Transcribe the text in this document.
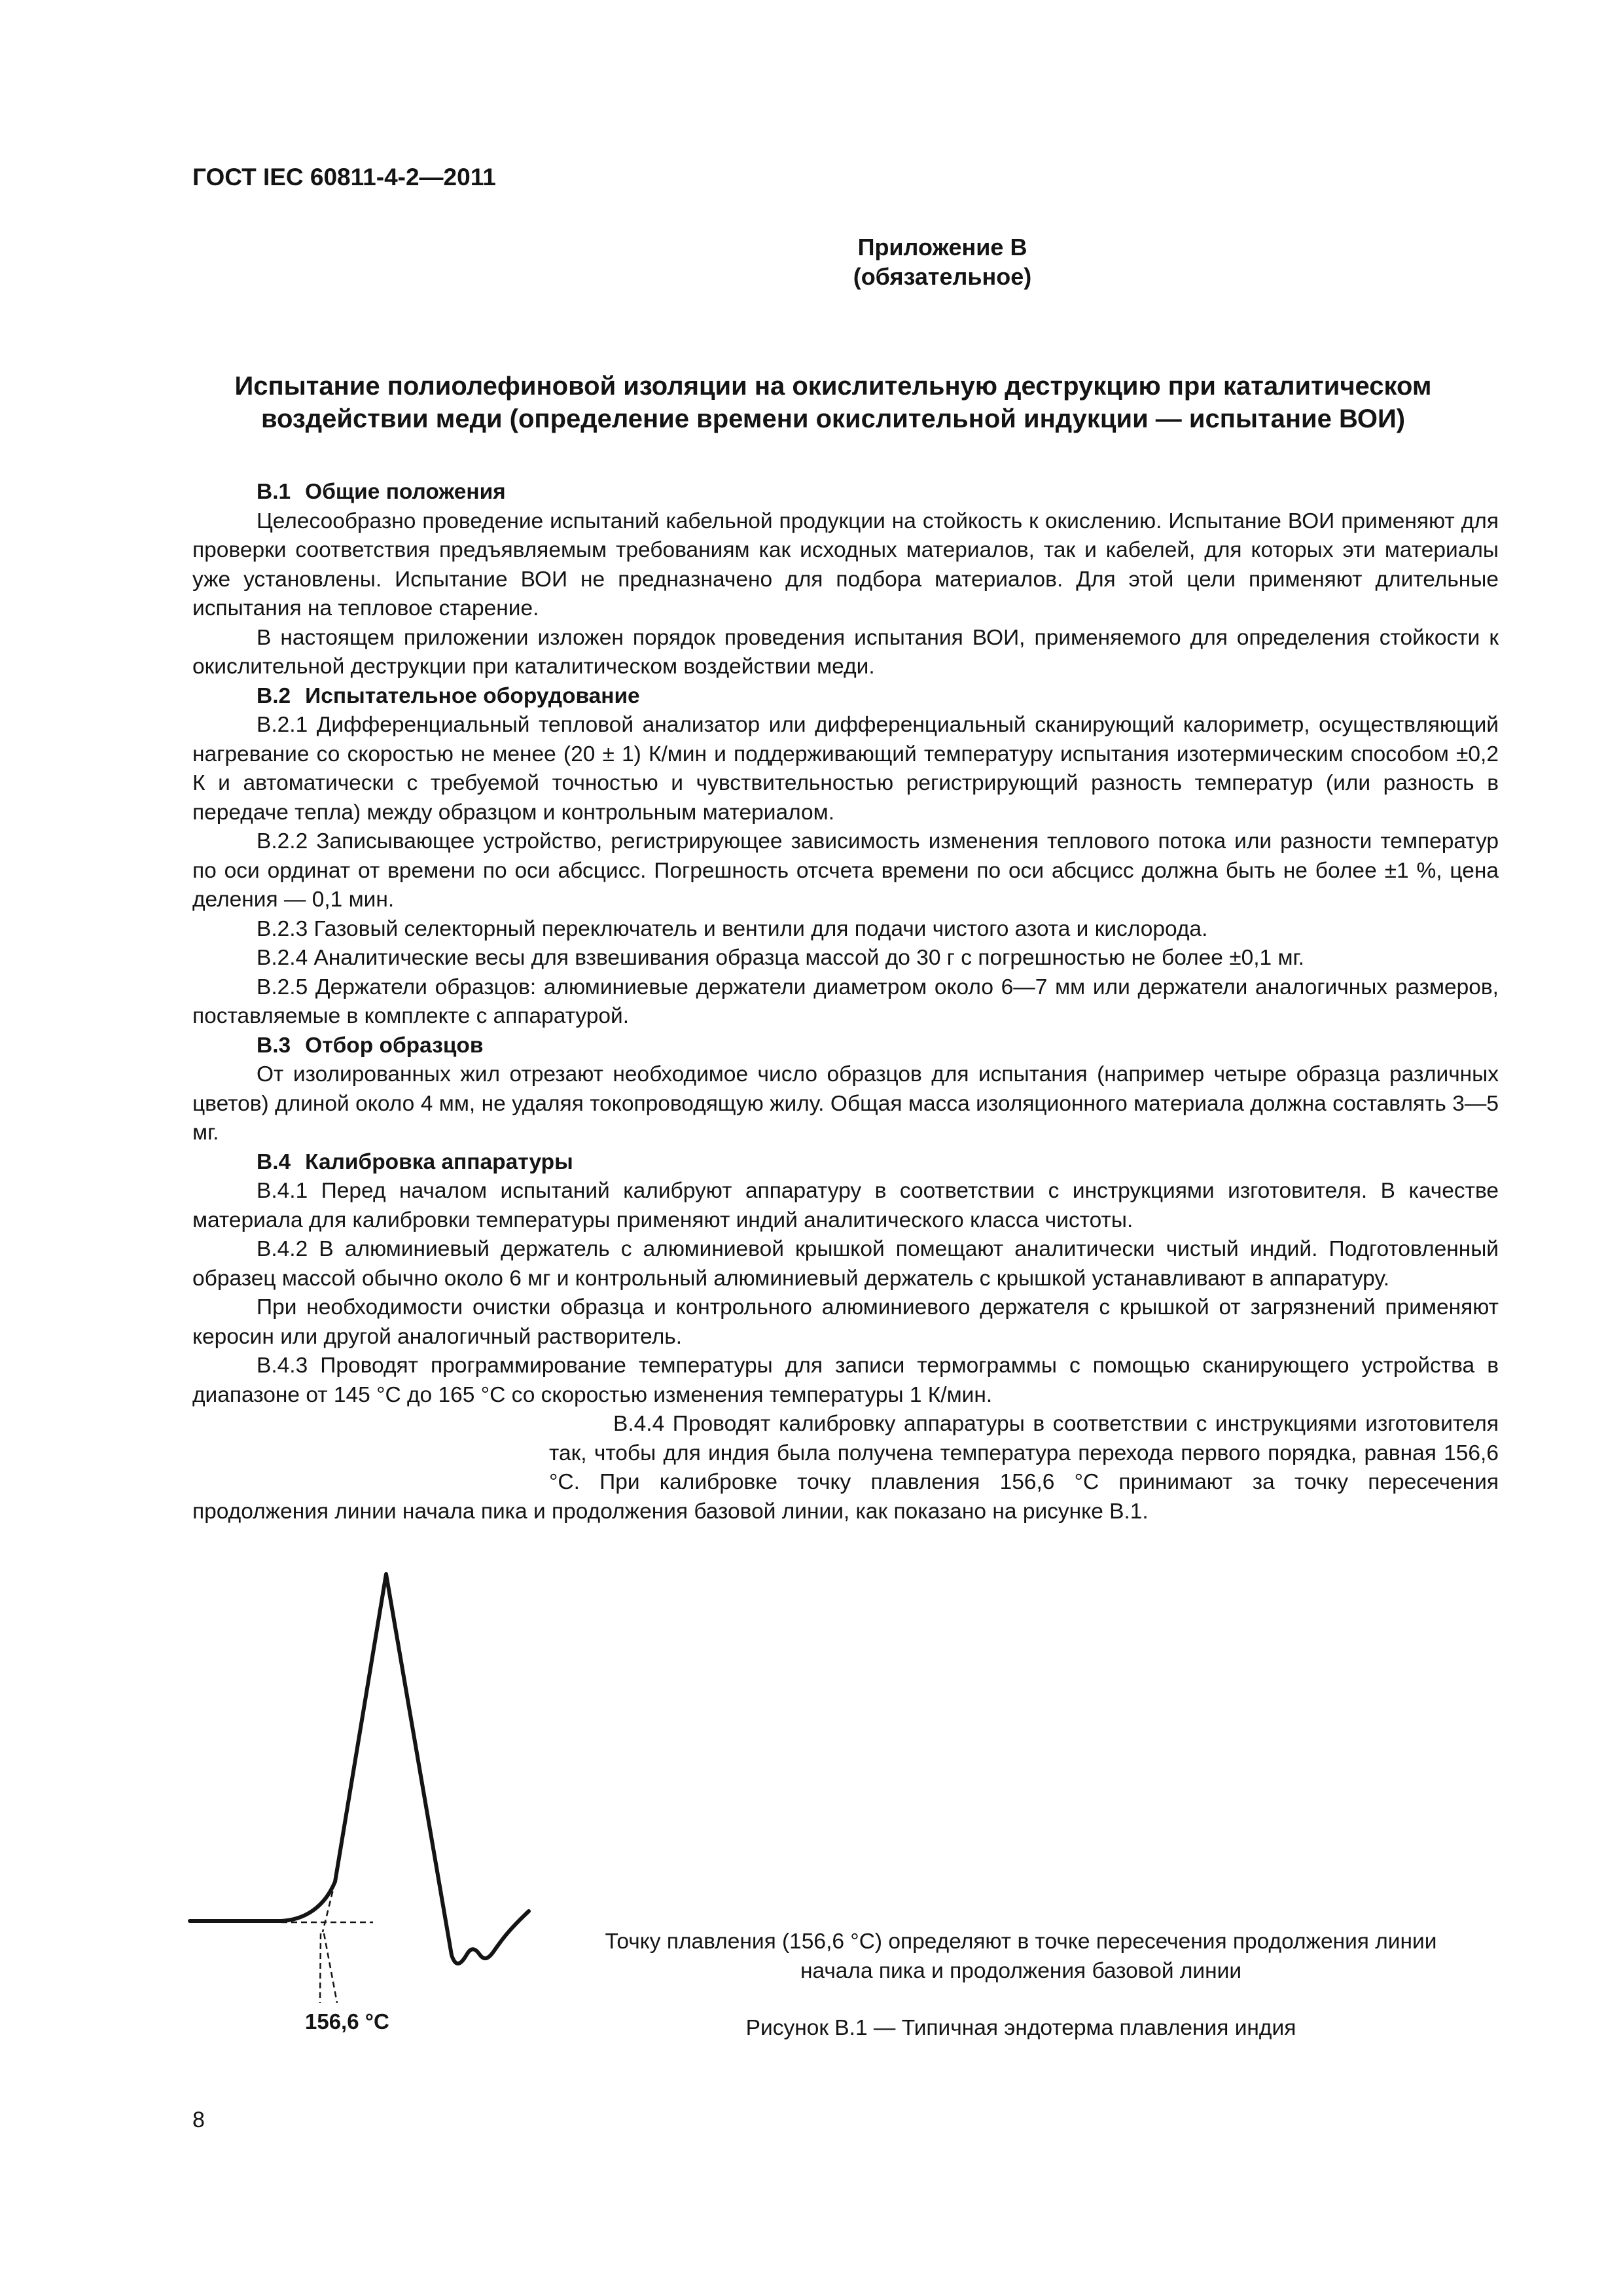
ГОСТ IEC 60811-4-2—2011
Приложение В
(обязательное)
Испытание полиолефиновой изоляции на окислительную деструкцию при каталитическом
воздействии меди (определение времени окислительной индукции — испытание ВОИ)

В.1 Общие положения

Целесообразно проведение испытаний кабельной продукции на стойкость к окислению. Испытание ВОИ применяют для проверки соответствия предъявляемым требованиям как исходных материалов, так и кабелей, для которых эти материалы уже установлены. Испытание ВОИ не предназначено для подбора материалов. Для этой цели применяют длительные испытания на тепловое старение.

В настоящем приложении изложен порядок проведения испытания ВОИ, применяемого для определения стойкости к окислительной деструкции при каталитическом воздействии меди.

В.2 Испытательное оборудование

В.2.1 Дифференциальный тепловой анализатор или дифференциальный сканирующий калориметр, осуществляющий нагревание со скоростью не менее (20 ± 1) К/мин и поддерживающий температуру испытания изотермическим способом ±0,2 К и автоматически с требуемой точностью и чувствительностью регистрирующий разность температур (или разность в передаче тепла) между образцом и контрольным материалом.

В.2.2 Записывающее устройство, регистрирующее зависимость изменения теплового потока или разности температур по оси ординат от времени по оси абсцисс. Погрешность отсчета времени по оси абсцисс должна быть не более ±1 %, цена деления — 0,1 мин.

В.2.3 Газовый селекторный переключатель и вентили для подачи чистого азота и кислорода.

В.2.4 Аналитические весы для взвешивания образца массой до 30 г с погрешностью не более ±0,1 мг.

В.2.5 Держатели образцов: алюминиевые держатели диаметром около 6—7 мм или держатели аналогичных размеров, поставляемые в комплекте с аппаратурой.

В.3 Отбор образцов

От изолированных жил отрезают необходимое число образцов для испытания (например четыре образца различных цветов) длиной около 4 мм, не удаляя токопроводящую жилу. Общая масса изоляционного материала должна составлять 3—5 мг.

В.4 Калибровка аппаратуры

В.4.1 Перед началом испытаний калибруют аппаратуру в соответствии с инструкциями изготовителя. В качестве материала для калибровки температуры применяют индий аналитического класса чистоты.

В.4.2 В алюминиевый держатель с алюминиевой крышкой помещают аналитически чистый индий. Подготовленный образец массой обычно около 6 мг и контрольный алюминиевый держатель с крышкой устанавливают в аппаратуру.

При необходимости очистки образца и контрольного алюминиевого держателя с крышкой от загрязнений применяют керосин или другой аналогичный растворитель.

В.4.3 Проводят программирование температуры для записи термограммы с помощью сканирующего устройства в диапазоне от 145 °С до 165 °С со скоростью изменения температуры 1 К/мин.

В.4.4 Проводят калибровку аппаратуры в соответствии с инструкциями изготовителя так, чтобы для индия была получена температура перехода первого порядка, равная 156,6 °С. При калибровке точку плавления 156,6 °С принимают за точку пересечения продолжения линии начала пика и продолжения базовой линии, как показано на рисунке В.1.

156,6 °С
Точку плавления (156,6 °С) определяют в точке пересечения продолжения линии
начала пика и продолжения базовой линии
Рисунок В.1 — Типичная эндотерма плавления индия
8
